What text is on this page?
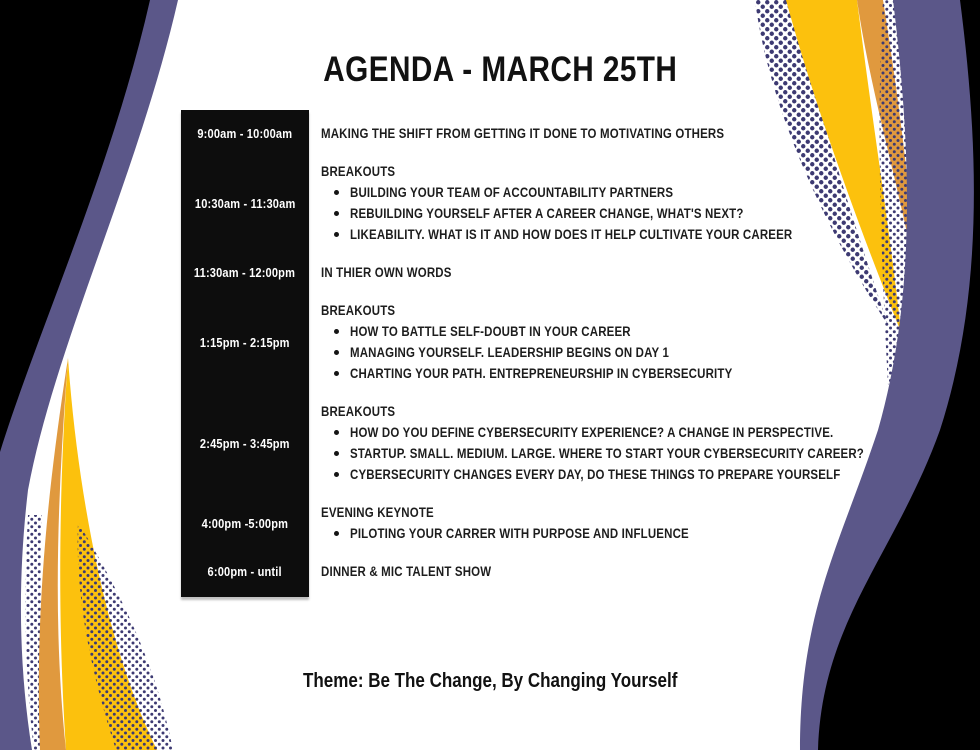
AGENDA - MARCH 25TH
9:00am - 10:00am MAKING THE SHIFT FROM GETTING IT DONE TO MOTIVATING OTHERS
10:30am - 11:30am
BREAKOUTS
BUILDING YOUR TEAM OF ACCOUNTABILITY PARTNERS
REBUILDING YOURSELF AFTER A CAREER CHANGE, WHAT'S NEXT?
LIKEABILITY. WHAT IS IT AND HOW DOES IT HELP CULTIVATE YOUR CAREER
11:30am - 12:00pm IN THIER OWN WORDS
1:15pm - 2:15pm
BREAKOUTS
HOW TO BATTLE SELF-DOUBT IN YOUR CAREER
MANAGING YOURSELF. LEADERSHIP BEGINS ON DAY 1
CHARTING YOUR PATH. ENTREPRENEURSHIP IN CYBERSECURITY
2:45pm - 3:45pm
BREAKOUTS
HOW DO YOU DEFINE CYBERSECURITY EXPERIENCE? A CHANGE IN PERSPECTIVE.
STARTUP. SMALL. MEDIUM. LARGE. WHERE TO START YOUR CYBERSECURITY CAREER?
CYBERSECURITY CHANGES EVERY DAY, DO THESE THINGS TO PREPARE YOURSELF
4:00pm -5:00pm
EVENING KEYNOTE
PILOTING YOUR CARRER WITH PURPOSE AND INFLUENCE
6:00pm - until	DINNER & MIC TALENT SHOW
Theme: Be The Change, By Changing Yourself
